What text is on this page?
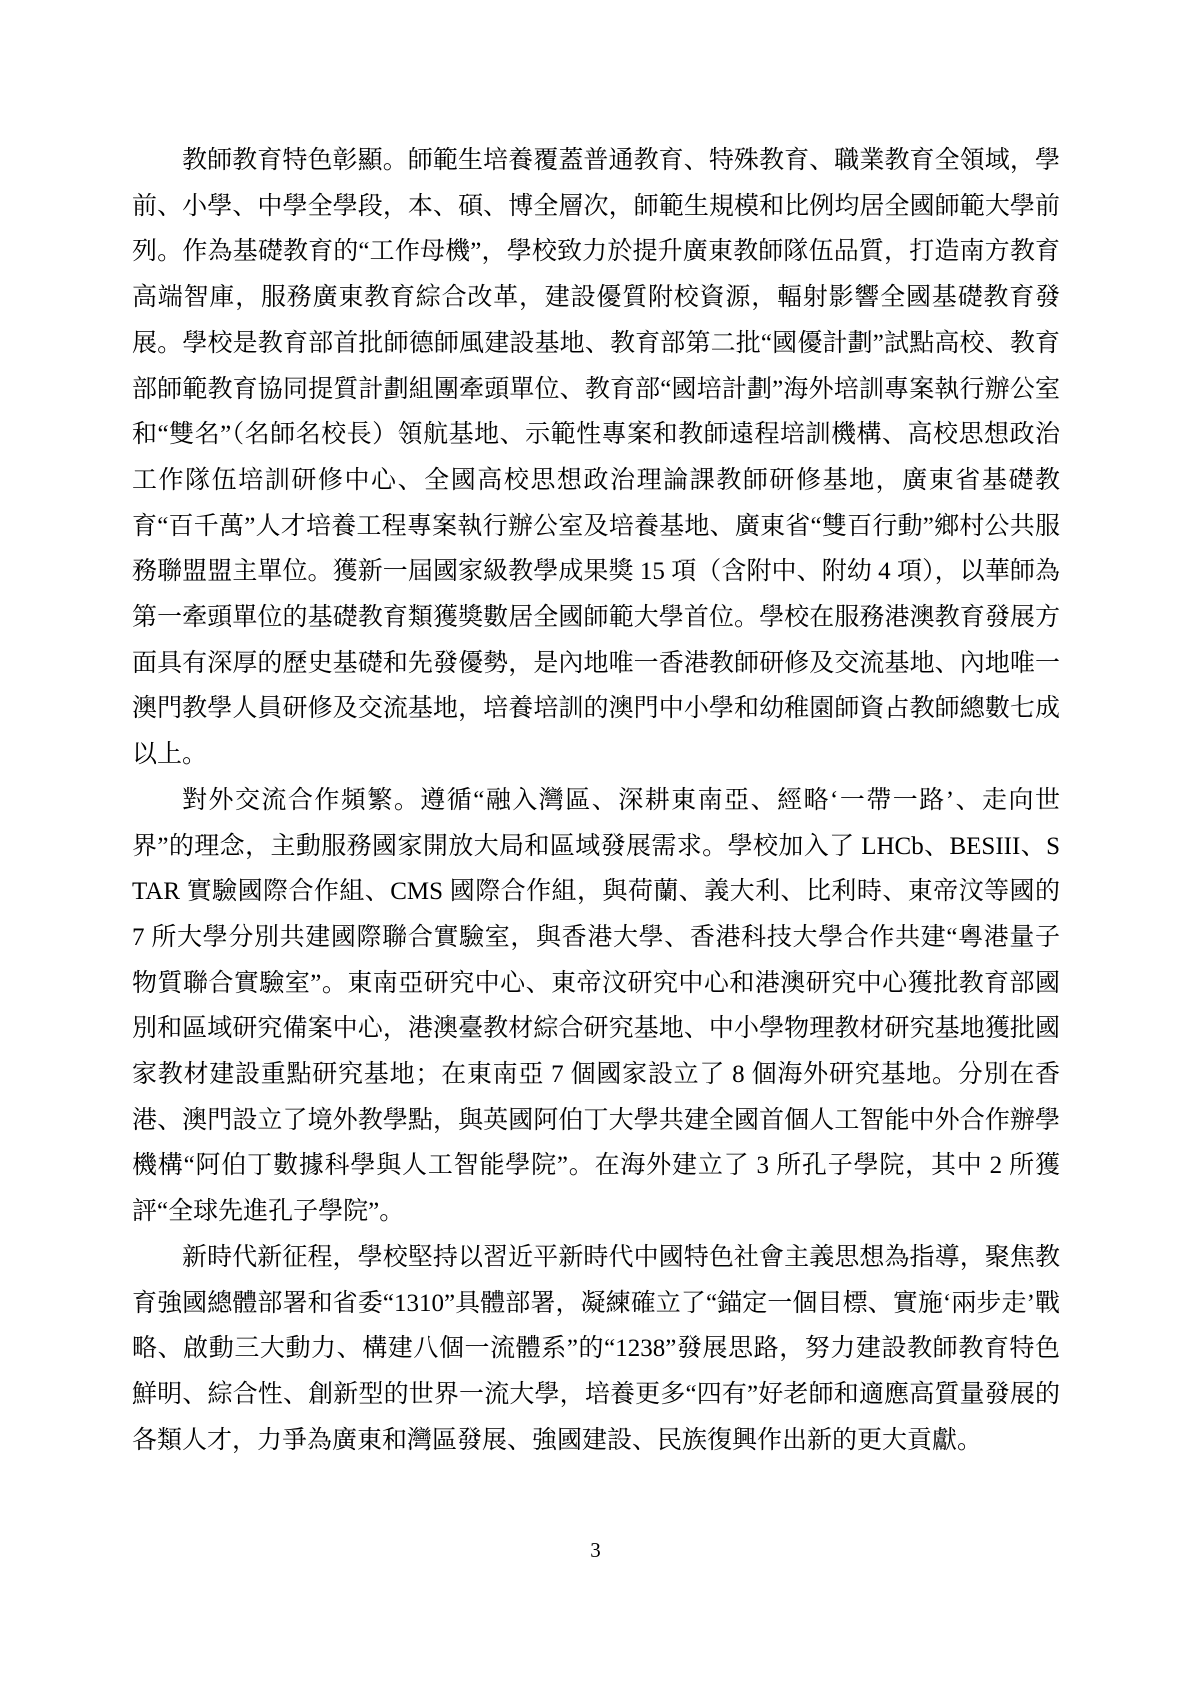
教師教育特色彰顯。師範生培養覆蓋普通教育、特殊教育、職業教育全領域，學前、小學、中學全學段，本、碩、博全層次，師範生規模和比例均居全國師範大學前列。作為基礎教育的“工作母機”，學校致力於提升廣東教師隊伍品質，打造南方教育高端智庫，服務廣東教育綜合改革，建設優質附校資源，輻射影響全國基礎教育發展。學校是教育部首批師德師風建設基地、教育部第二批“國優計劃”試點高校、教育部師範教育協同提質計劃組團牽頭單位、教育部“國培計劃”海外培訓專案執行辦公室和“雙名”（名師名校長）領航基地、示範性專案和教師遠程培訓機構、高校思想政治工作隊伍培訓研修中心、全國高校思想政治理論課教師研修基地，廣東省基礎教育“百千萬”人才培養工程專案執行辦公室及培養基地、廣東省“雙百行動”鄉村公共服務聯盟盟主單位。獲新一屆國家級教學成果獎 15 項（含附中、附幼 4 項），以華師為第一牽頭單位的基礎教育類獲獎數居全國師範大學首位。學校在服務港澳教育發展方面具有深厚的歷史基礎和先發優勢，是內地唯一香港教師研修及交流基地、內地唯一澳門教學人員研修及交流基地，培養培訓的澳門中小學和幼稚園師資占教師總數七成以上。

對外交流合作頻繁。遵循“融入灣區、深耕東南亞、經略‘一帶一路’、走向世界”的理念，主動服務國家開放大局和區域發展需求。學校加入了 LHCb、BESIII、STAR 實驗國際合作組、CMS 國際合作組，與荷蘭、義大利、比利時、東帝汶等國的 7 所大學分別共建國際聯合實驗室，與香港大學、香港科技大學合作共建“粵港量子物質聯合實驗室”。東南亞研究中心、東帝汶研究中心和港澳研究中心獲批教育部國別和區域研究備案中心，港澳臺教材綜合研究基地、中小學物理教材研究基地獲批國家教材建設重點研究基地；在東南亞 7 個國家設立了 8 個海外研究基地。分別在香港、澳門設立了境外教學點，與英國阿伯丁大學共建全國首個人工智能中外合作辦學機構“阿伯丁數據科學與人工智能學院”。在海外建立了 3 所孔子學院，其中 2 所獲評“全球先進孔子學院”。

新時代新征程，學校堅持以習近平新時代中國特色社會主義思想為指導，聚焦教育強國總體部署和省委“1310”具體部署，凝練確立了“錨定一個目標、實施‘兩步走’戰略、啟動三大動力、構建八個一流體系”的“1238”發展思路，努力建設教師教育特色鮮明、綜合性、創新型的世界一流大學，培養更多“四有”好老師和適應高質量發展的各類人才，力爭為廣東和灣區發展、強國建設、民族復興作出新的更大貢獻。

3
